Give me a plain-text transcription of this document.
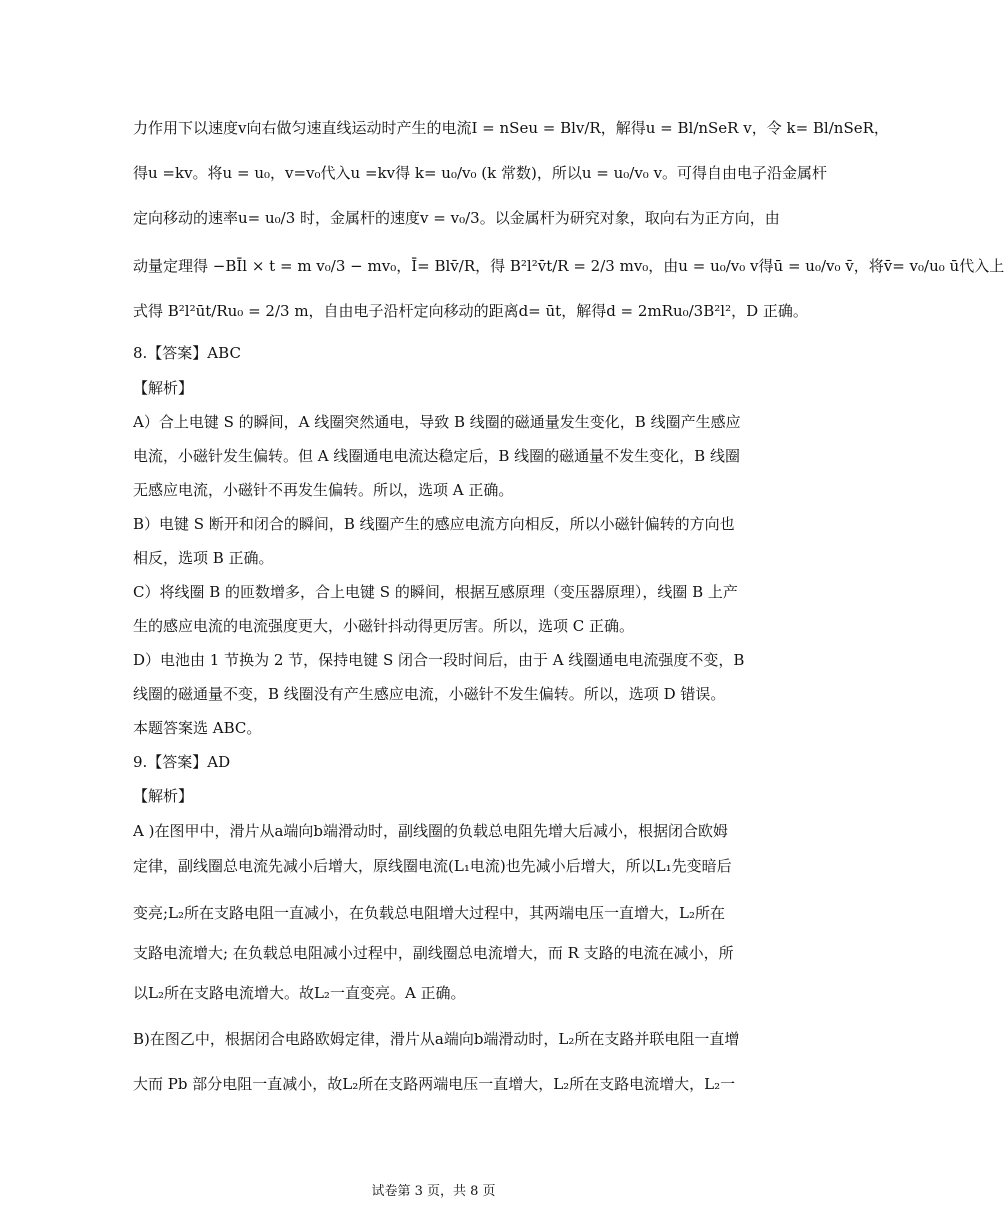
力作用下以速度v向右做匀速直线运动时产生的电流I = nSeu = Blv/R，解得u = Bl/nSeR v，令 k= Bl/nSeR，
得u =kv。将u = u₀，v=v₀代入u =kv得 k= u₀/v₀ (k 常数)，所以u = u₀/v₀ v。可得自由电子沿金属杆
定向移动的速率u= u₀/3 时，金属杆的速度v = v₀/3。以金属杆为研究对象，取向右为正方向，由
动量定理得 −BĪl × t = m v₀/3 − mv₀，Ī= Blv̄/R，得 B²l²v̄t/R = 2/3 mv₀，由u = u₀/v₀ v得ū = u₀/v₀ v̄，将v̄= v₀/u₀ ū代入上
式得 B²l²ūt/Ru₀ = 2/3 m，自由电子沿杆定向移动的距离d= ūt，解得d = 2mRu₀/3B²l²，D 正确。
8.【答案】ABC
【解析】
A）合上电键 S 的瞬间，A 线圈突然通电，导致 B 线圈的磁通量发生变化，B 线圈产生感应
电流，小磁针发生偏转。但 A 线圈通电电流达稳定后，B 线圈的磁通量不发生变化，B 线圈
无感应电流，小磁针不再发生偏转。所以，选项 A 正确。
B）电键 S 断开和闭合的瞬间，B 线圈产生的感应电流方向相反，所以小磁针偏转的方向也
相反，选项 B 正确。
C）将线圈 B 的匝数增多，合上电键 S 的瞬间，根据互感原理（变压器原理），线圈 B 上产
生的感应电流的电流强度更大，小磁针抖动得更厉害。所以，选项 C 正确。
D）电池由 1 节换为 2 节，保持电键 S 闭合一段时间后，由于 A 线圈通电电流强度不变，B
线圈的磁通量不变，B 线圈没有产生感应电流，小磁针不发生偏转。所以，选项 D 错误。
本题答案选 ABC。
9.【答案】AD
【解析】
A )在图甲中，滑片从a端向b端滑动时，副线圈的负载总电阻先增大后减小，根据闭合欧姆
定律，副线圈总电流先减小后增大，原线圈电流(L₁电流)也先减小后增大，所以L₁先变暗后
变亮;L₂所在支路电阻一直减小，在负载总电阻增大过程中，其两端电压一直增大，L₂所在
支路电流增大; 在负载总电阻减小过程中，副线圈总电流增大，而 R 支路的电流在减小，所
以L₂所在支路电流增大。故L₂一直变亮。A 正确。
B)在图乙中，根据闭合电路欧姆定律，滑片从a端向b端滑动时，L₂所在支路并联电阻一直增
大而 Pb 部分电阻一直减小，故L₂所在支路两端电压一直增大，L₂所在支路电流增大，L₂一
试卷第 3 页，共 8 页
